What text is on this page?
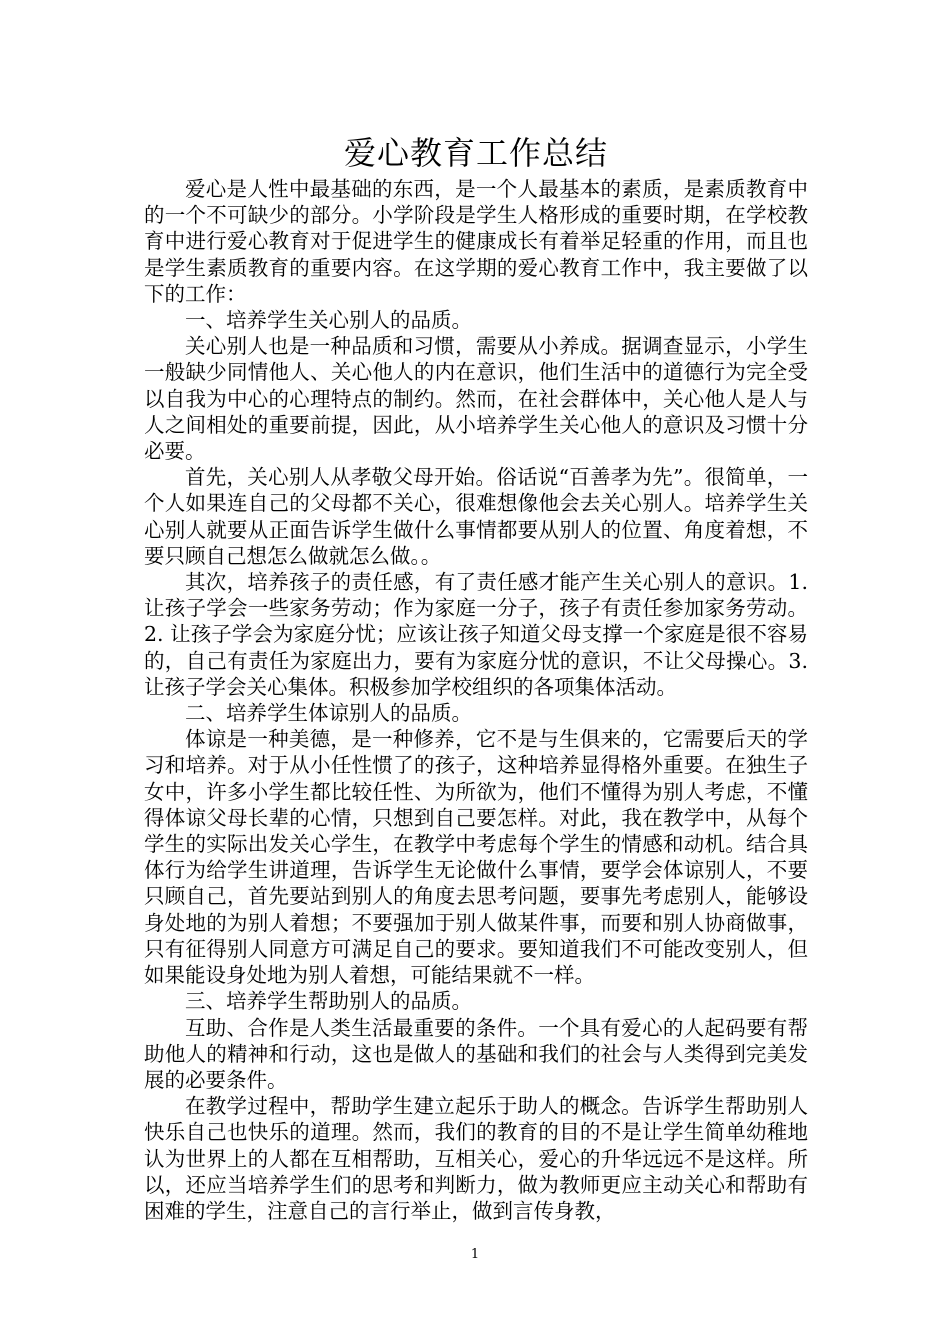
爱心教育工作总结

爱心是人性中最基础的东西，是一个人最基本的素质，是素质教育中的一个不可缺少的部分。小学阶段是学生人格形成的重要时期，在学校教育中进行爱心教育对于促进学生的健康成长有着举足轻重的作用，而且也是学生素质教育的重要内容。在这学期的爱心教育工作中，我主要做了以下的工作：

一、培养学生关心别人的品质。

关心别人也是一种品质和习惯，需要从小养成。据调查显示，小学生一般缺少同情他人、关心他人的内在意识，他们生活中的道德行为完全受以自我为中心的心理特点的制约。然而，在社会群体中，关心他人是人与人之间相处的重要前提，因此，从小培养学生关心他人的意识及习惯十分必要。

首先，关心别人从孝敬父母开始。俗话说“百善孝为先”。很简单，一个人如果连自己的父母都不关心，很难想像他会去关心别人。培养学生关心别人就要从正面告诉学生做什么事情都要从别人的位置、角度着想，不要只顾自己想怎么做就怎么做。。

其次，培养孩子的责任感，有了责任感才能产生关心别人的意识。1. 让孩子学会一些家务劳动；作为家庭一分子，孩子有责任参加家务劳动。2. 让孩子学会为家庭分忧；应该让孩子知道父母支撑一个家庭是很不容易的，自己有责任为家庭出力，要有为家庭分忧的意识，不让父母操心。3. 让孩子学会关心集体。积极参加学校组织的各项集体活动。

二、培养学生体谅别人的品质。

体谅是一种美德，是一种修养，它不是与生俱来的，它需要后天的学习和培养。对于从小任性惯了的孩子，这种培养显得格外重要。在独生子女中，许多小学生都比较任性、为所欲为，他们不懂得为别人考虑，不懂得体谅父母长辈的心情，只想到自己要怎样。对此，我在教学中，从每个学生的实际出发关心学生，在教学中考虑每个学生的情感和动机。结合具体行为给学生讲道理，告诉学生无论做什么事情，要学会体谅别人，不要只顾自己，首先要站到别人的角度去思考问题，要事先考虑别人，能够设身处地的为别人着想；不要强加于别人做某件事，而要和别人协商做事，只有征得别人同意方可满足自己的要求。要知道我们不可能改变别人，但如果能设身处地为别人着想，可能结果就不一样。

三、培养学生帮助别人的品质。

互助、合作是人类生活最重要的条件。一个具有爱心的人起码要有帮助他人的精神和行动，这也是做人的基础和我们的社会与人类得到完美发展的必要条件。

在教学过程中，帮助学生建立起乐于助人的概念。告诉学生帮助别人快乐自己也快乐的道理。然而，我们的教育的目的不是让学生简单幼稚地认为世界上的人都在互相帮助，互相关心，爱心的升华远远不是这样。所以，还应当培养学生们的思考和判断力，做为教师更应主动关心和帮助有困难的学生，注意自己的言行举止，做到言传身教，

1
